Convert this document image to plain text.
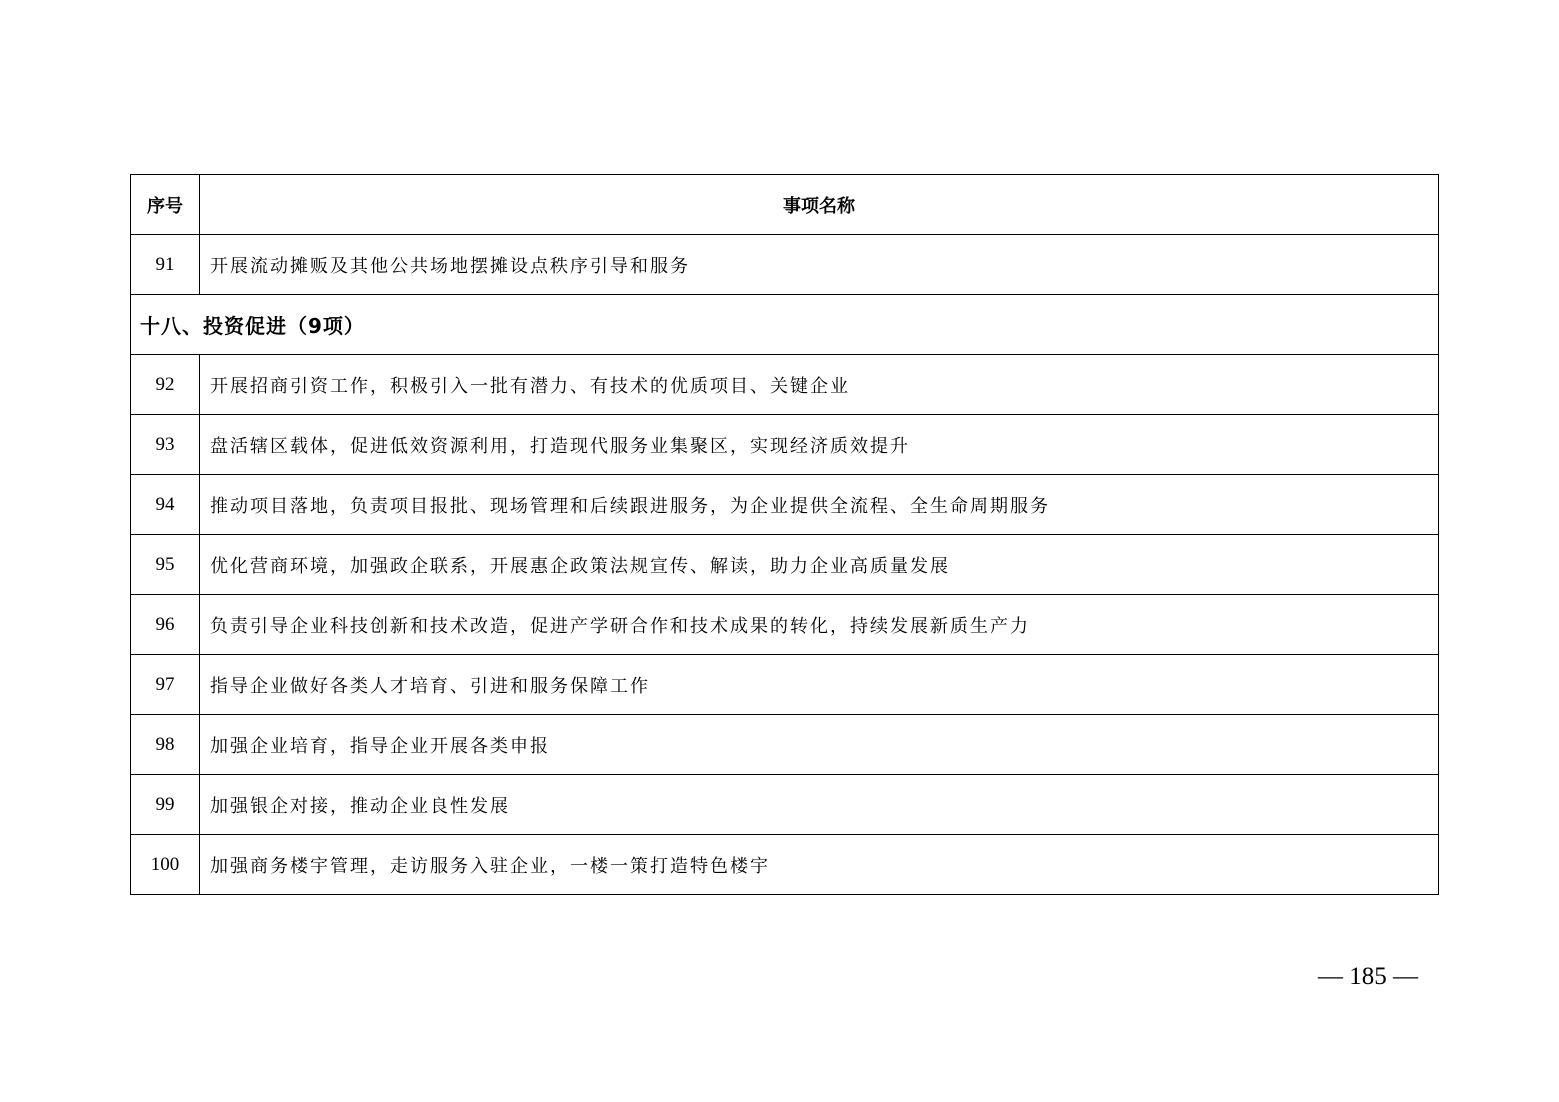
序号	事项名称
91	开展流动摊贩及其他公共场地摆摊设点秩序引导和服务
十八、投资促进（9项）	
92	开展招商引资工作，积极引入一批有潜力、有技术的优质项目、关键企业
93	盘活辖区载体，促进低效资源利用，打造现代服务业集聚区，实现经济质效提升
94	推动项目落地，负责项目报批、现场管理和后续跟进服务，为企业提供全流程、全生命周期服务
95	优化营商环境，加强政企联系，开展惠企政策法规宣传、解读，助力企业高质量发展
96	负责引导企业科技创新和技术改造，促进产学研合作和技术成果的转化，持续发展新质生产力
97	指导企业做好各类人才培育、引进和服务保障工作
98	加强企业培育，指导企业开展各类申报
99	加强银企对接，推动企业良性发展
100	加强商务楼宇管理，走访服务入驻企业，一楼一策打造特色楼宇
— 185 —
